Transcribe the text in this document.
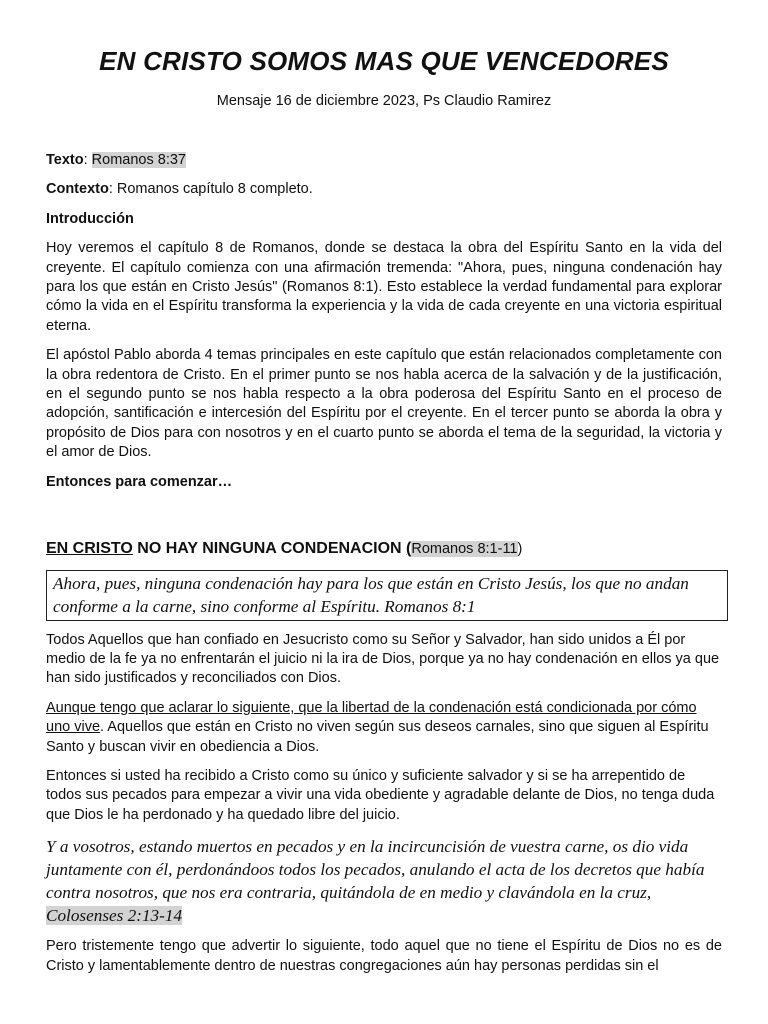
EN CRISTO SOMOS MAS QUE VENCEDORES

Mensaje 16 de diciembre 2023, Ps Claudio Ramirez

Texto: Romanos 8:37

Contexto: Romanos capítulo 8 completo.

Introducción

Hoy veremos el capítulo 8 de Romanos, donde se destaca la obra del Espíritu Santo en la vida del creyente. El capítulo comienza con una afirmación tremenda: "Ahora, pues, ninguna condenación hay para los que están en Cristo Jesús" (Romanos 8:1). Esto establece la verdad fundamental para explorar cómo la vida en el Espíritu transforma la experiencia y la vida de cada creyente en una victoria espiritual eterna.

El apóstol Pablo aborda 4 temas principales en este capítulo que están relacionados completamente con la obra redentora de Cristo. En el primer punto se nos habla acerca de la salvación y de la justificación, en el segundo punto se nos habla respecto a la obra poderosa del Espíritu Santo en el proceso de adopción, santificación e intercesión del Espíritu por el creyente. En el tercer punto se aborda la obra y propósito de Dios para con nosotros y en el cuarto punto se aborda el tema de la seguridad, la victoria y el amor de Dios.

Entonces para comenzar…

EN CRISTO NO HAY NINGUNA CONDENACION (Romanos 8:1-11)

Ahora, pues, ninguna condenación hay para los que están en Cristo Jesús, los que no andan conforme a la carne, sino conforme al Espíritu. Romanos 8:1

Todos Aquellos que han confiado en Jesucristo como su Señor y Salvador, han sido unidos a Él por medio de la fe ya no enfrentarán el juicio ni la ira de Dios, porque ya no hay condenación en ellos ya que han sido justificados y reconciliados con Dios.

Aunque tengo que aclarar lo siguiente, que la libertad de la condenación está condicionada por cómo uno vive. Aquellos que están en Cristo no viven según sus deseos carnales, sino que siguen al Espíritu Santo y buscan vivir en obediencia a Dios.

Entonces si usted ha recibido a Cristo como su único y suficiente salvador y si se ha arrepentido de todos sus pecados para empezar a vivir una vida obediente y agradable delante de Dios, no tenga duda que Dios le ha perdonado y ha quedado libre del juicio.

Y a vosotros, estando muertos en pecados y en la incircuncisión de vuestra carne, os dio vida juntamente con él, perdonándoos todos los pecados, anulando el acta de los decretos que había contra nosotros, que nos era contraria, quitándola de en medio y clavándola en la cruz, Colosenses 2:13-14

Pero tristemente tengo que advertir lo siguiente, todo aquel que no tiene el Espíritu de Dios no es de Cristo y lamentablemente dentro de nuestras congregaciones aún hay personas perdidas sin el
